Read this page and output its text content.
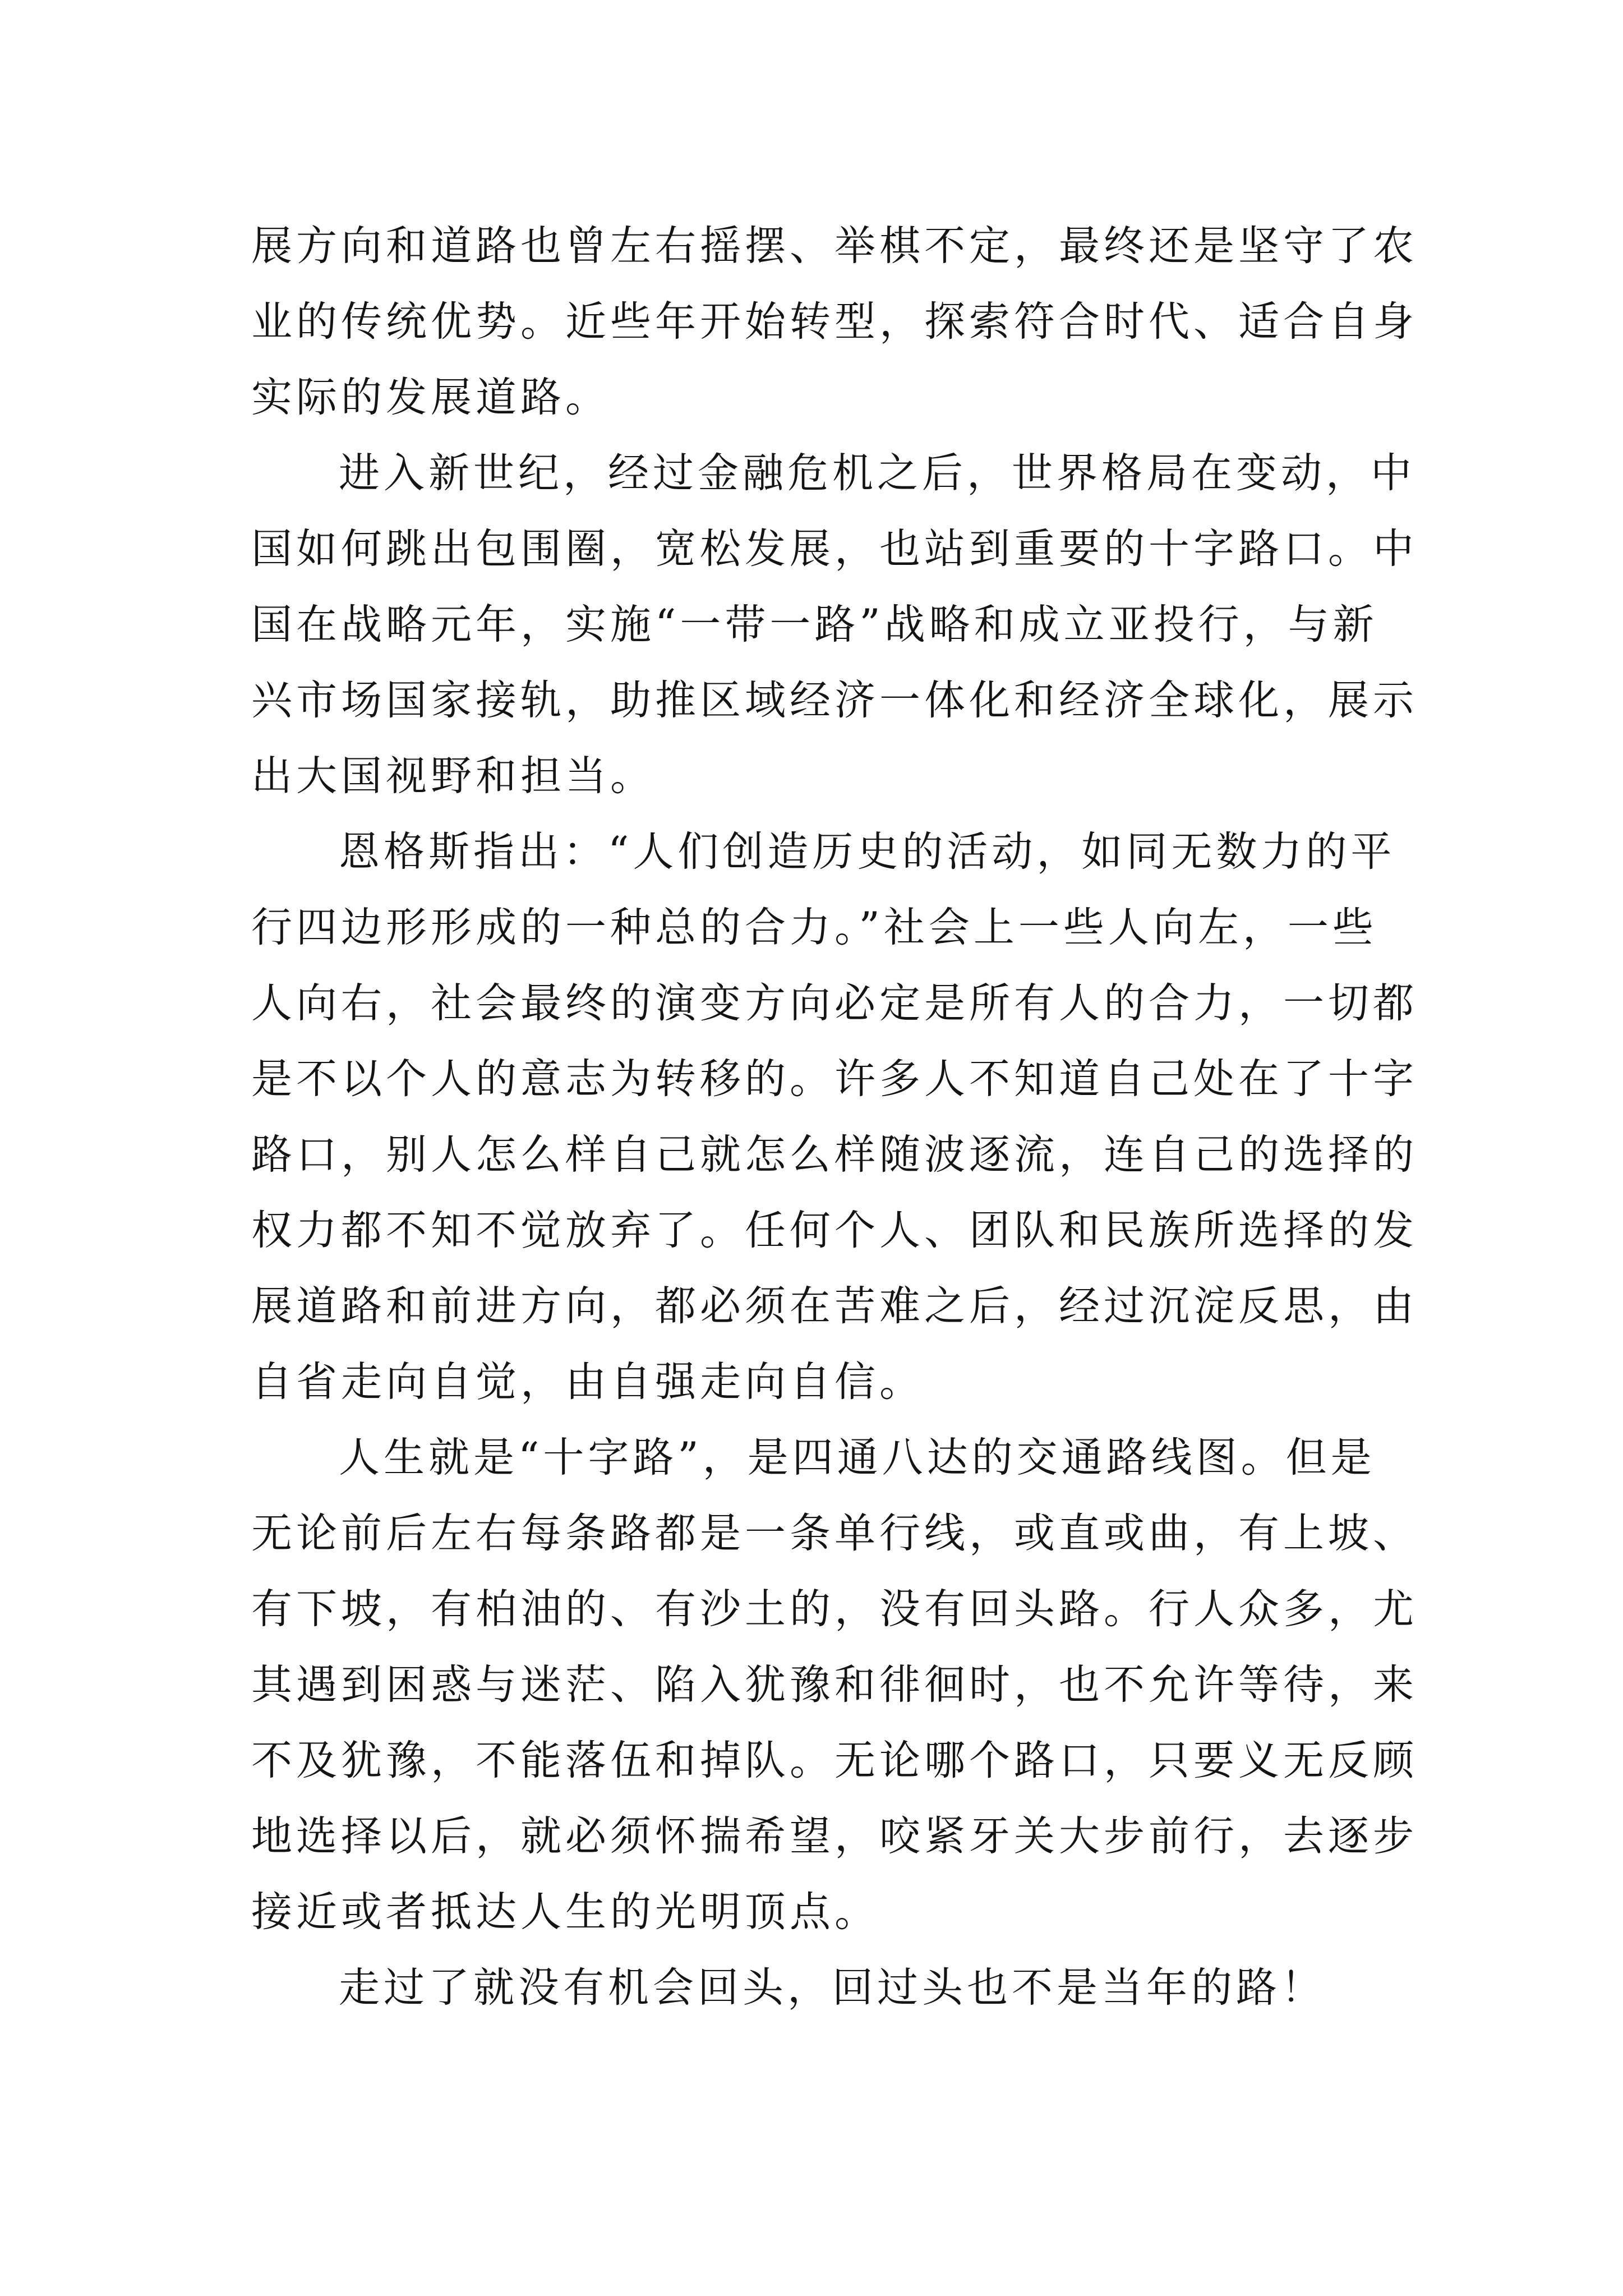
展方向和道路也曾左右摇摆、举棋不定，最终还是坚守了农
业的传统优势。近些年开始转型，探索符合时代、适合自身
实际的发展道路。
进入新世纪，经过金融危机之后，世界格局在变动，中
国如何跳出包围圈，宽松发展，也站到重要的十字路口。中
国在战略元年，实施“一带一路”战略和成立亚投行，与新
兴市场国家接轨，助推区域经济一体化和经济全球化，展示
出大国视野和担当。
恩格斯指出：“人们创造历史的活动，如同无数力的平
行四边形形成的一种总的合力。”社会上一些人向左，一些
人向右，社会最终的演变方向必定是所有人的合力，一切都
是不以个人的意志为转移的。许多人不知道自己处在了十字
路口，别人怎么样自己就怎么样随波逐流，连自己的选择的
权力都不知不觉放弃了。任何个人、团队和民族所选择的发
展道路和前进方向，都必须在苦难之后，经过沉淀反思，由
自省走向自觉，由自强走向自信。
人生就是“十字路”，是四通八达的交通路线图。但是
无论前后左右每条路都是一条单行线，或直或曲，有上坡、
有下坡，有柏油的、有沙土的，没有回头路。行人众多，尤
其遇到困惑与迷茫、陷入犹豫和徘徊时，也不允许等待，来
不及犹豫，不能落伍和掉队。无论哪个路口，只要义无反顾
地选择以后，就必须怀揣希望，咬紧牙关大步前行，去逐步
接近或者抵达人生的光明顶点。
走过了就没有机会回头，回过头也不是当年的路！
